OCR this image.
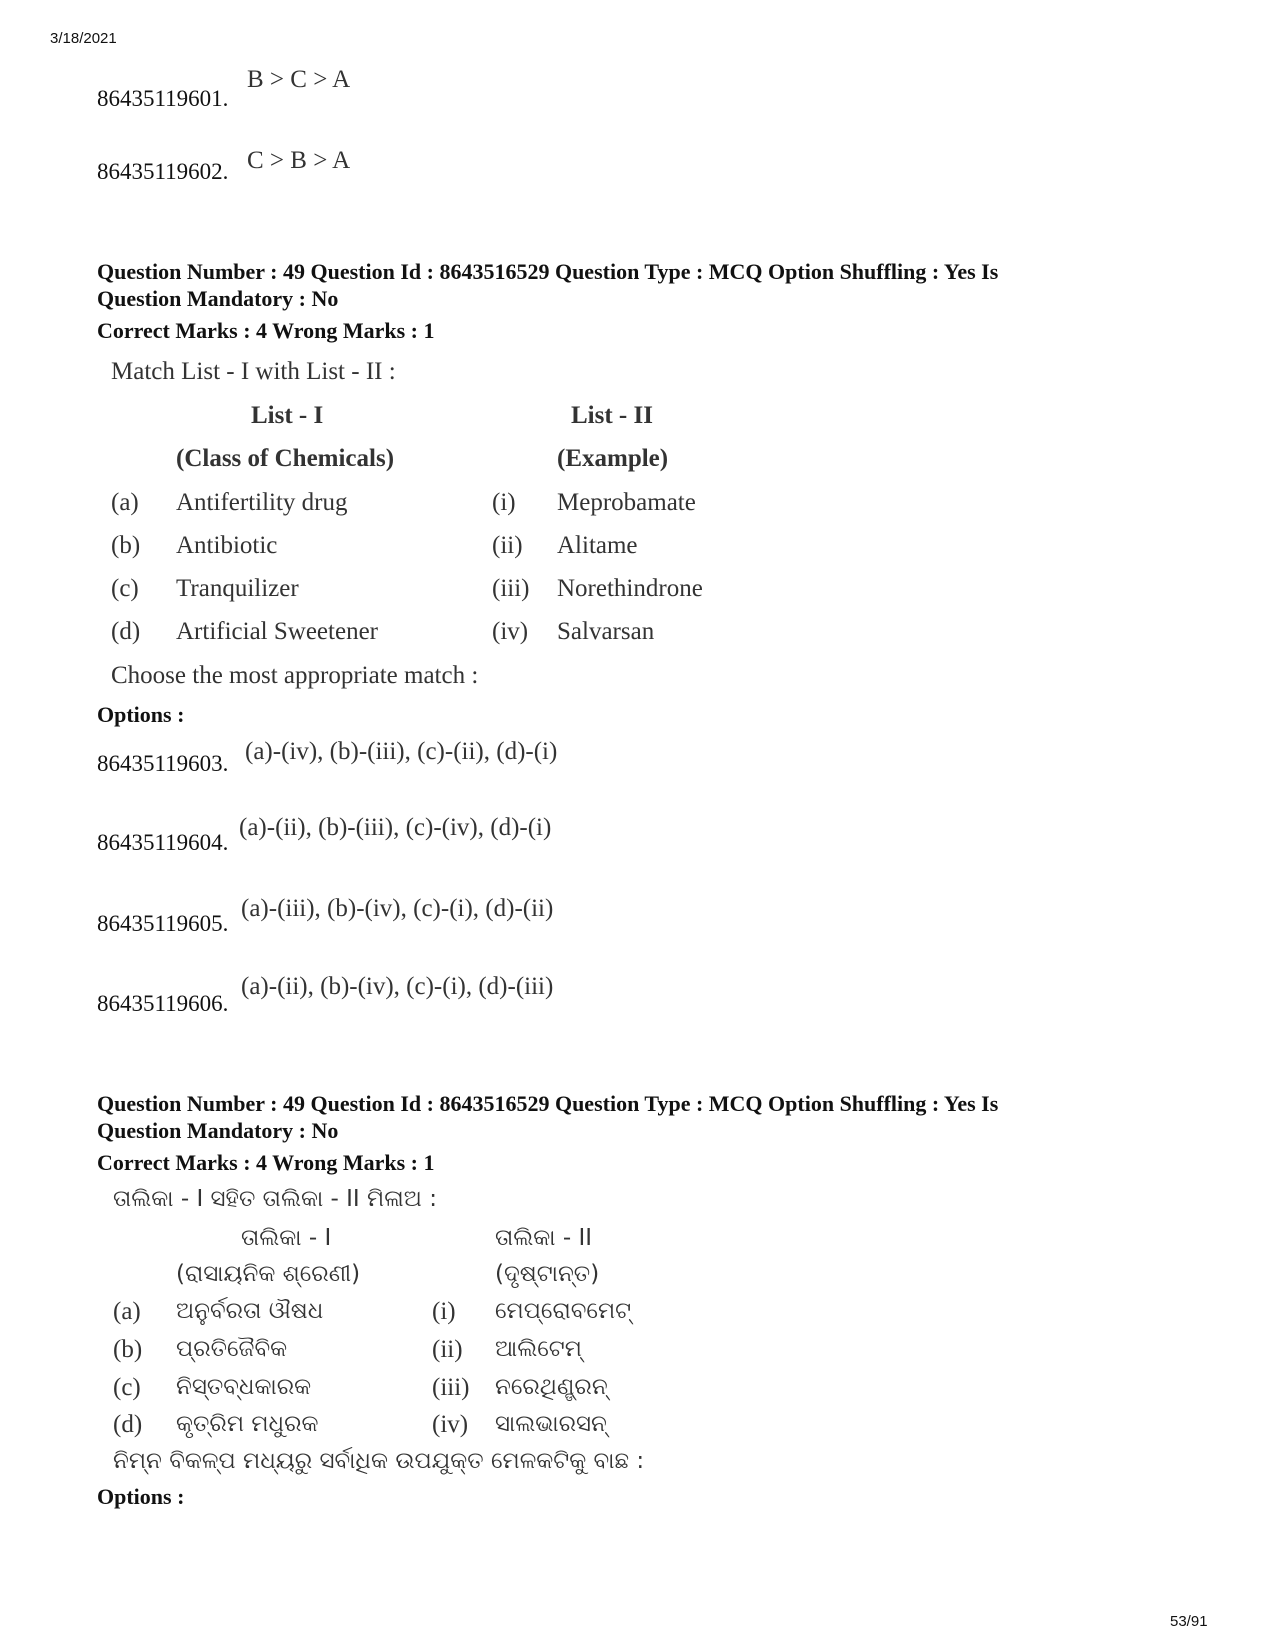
3/18/2021
86435119601.
B > C > A
86435119602. C > B > A
Question Number : 49 Question Id : 8643516529 Question Type : MCQ Option Shuffling : Yes Is
Question Mandatory : No
Correct Marks : 4 Wrong Marks : 1
Match List - I with List - II :
List - I	List - II
(Class of Chemicals)	(Example)
(a) Antifertility drug	(i) Meprobamate
(b) Antibiotic	(ii) Alitame
(c) Tranquilizer	(iii) Norethindrone
(d) Artificial Sweetener	(iv) Salvarsan
Choose the most appropriate match :
Options :
86435119603. (a)-(iv), (b)-(iii), (c)-(ii), (d)-(i)
86435119604.
(a)-(ii), (b)-(iii), (c)-(iv), (d)-(i)
86435119605.
(a)-(iii), (b)-(iv), (c)-(i), (d)-(ii)
86435119606.
(a)-(ii), (b)-(iv), (c)-(i), (d)-(iii)
Question Number : 49 Question Id : 8643516529 Question Type : MCQ Option Shuffling : Yes Is
Question Mandatory : No
Correct Marks : 4 Wrong Marks : 1
ତାଲିକା - I ସହିତ ତାଲିକା - II ମିଳାଅ :
ତାଲିକା - I	ତାଲିକା - II
(ରାସାୟନିକ ଶ୍ରେଣୀ)	(ଦୃଷ୍ଟାନ୍ତ)
(a) ଅନୁର୍ବରତା ଔଷଧ	(i) ମେପ୍ରୋବମେଟ୍
(b) ପ୍ରତିଜୈବିକ	(ii) ଆଲିଟେମ୍
(c) ନିସ୍ତବ୍ଧକାରକ	(iii) ନରେଥିଣ୍ଡ୍ରନ୍
(d) କୃତ୍ରିମ ମଧୁରକ	(iv) ସାଲଭାରସନ୍
ନିମ୍ନ ବିକଳ୍ପ ମଧ୍ୟରୁ ସର୍ବାଧିକ ଉପଯୁକ୍ତ ମେଳକଟିକୁ ବାଛ :
Options :
53/91
